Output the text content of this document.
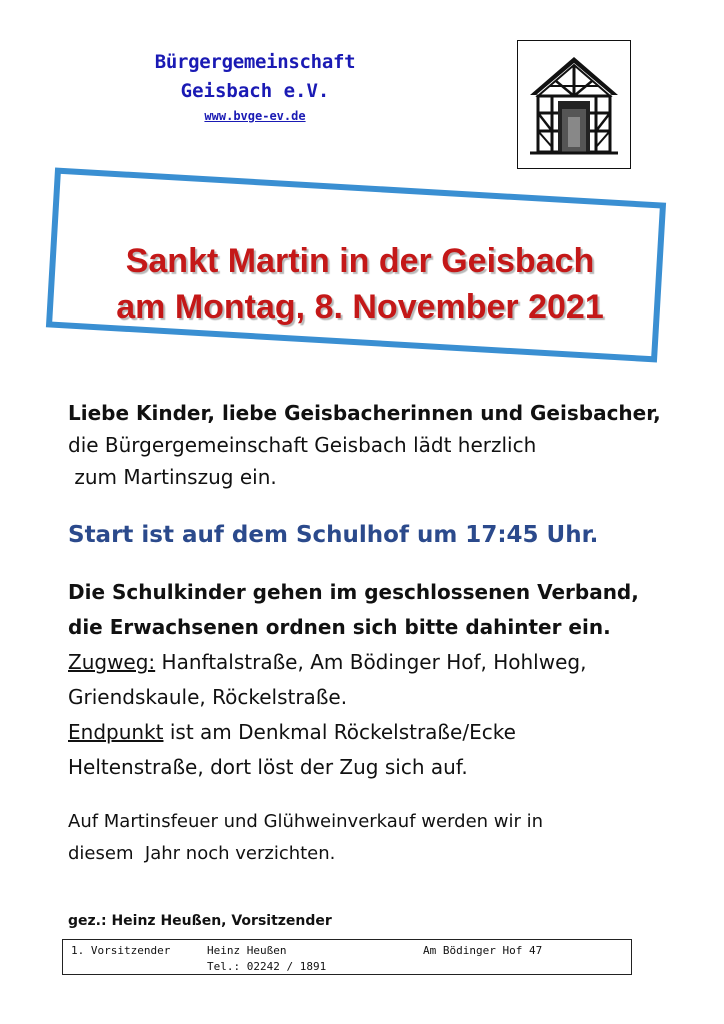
Bürgergemeinschaft
Geisbach e.V.
www.bvge-ev.de
Sankt Martin in der Geisbach
am Montag, 8. November 2021
Liebe Kinder, liebe Geisbacherinnen und Geisbacher,
die Bürgergemeinschaft Geisbach lädt herzlich
zum Martinszug ein.
Start ist auf dem Schulhof um 17:45 Uhr.
Die Schulkinder gehen im geschlossenen Verband,
die Erwachsenen ordnen sich bitte dahinter ein.
Zugweg: Hanftalstraße, Am Bödinger Hof, Hohlweg,
Griendskaule, Röckelstraße.
Endpunkt ist am Denkmal Röckelstraße/Ecke
Heltenstraße, dort löst der Zug sich auf.
Auf Martinsfeuer und Glühweinverkauf werden wir in
diesem  Jahr noch verzichten.
gez.: Heinz Heußen, Vorsitzender
1. Vorsitzender	Heinz Heußen	Am Bödinger Hof 47
Tel.: 02242 / 1891
